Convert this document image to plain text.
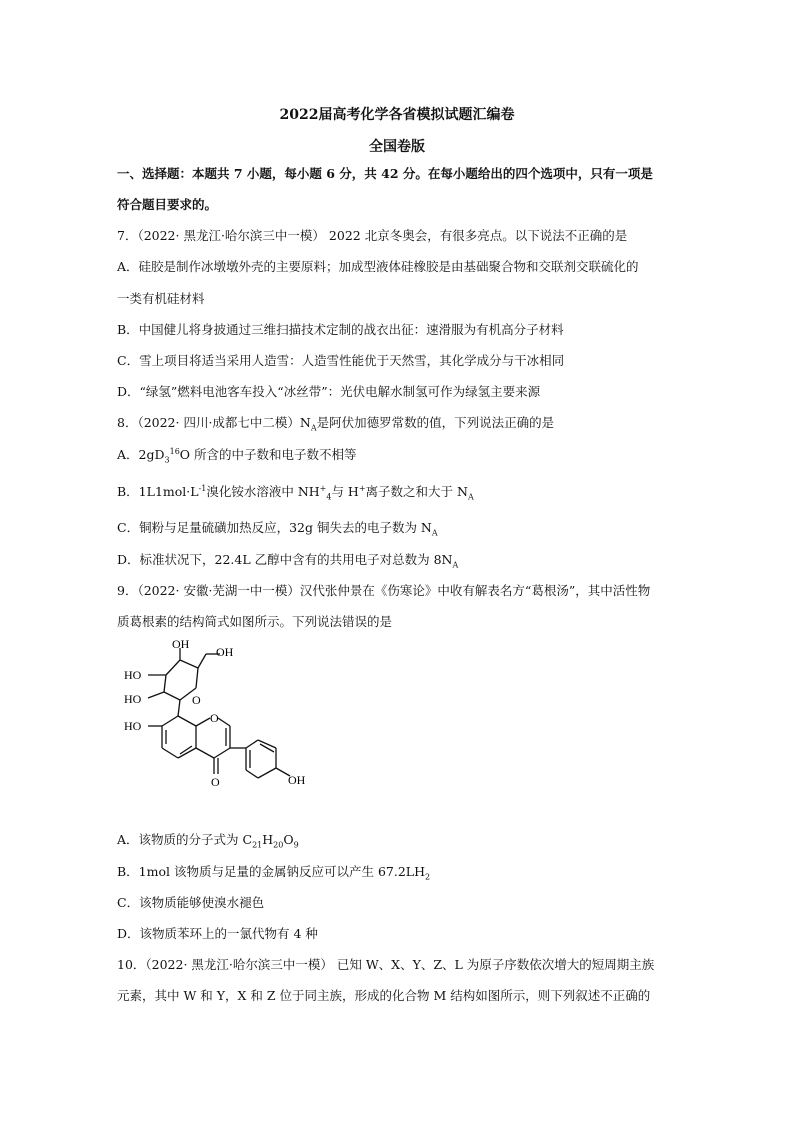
2022届高考化学各省模拟试题汇编卷
全国卷版
一、选择题：本题共 7 小题，每小题 6 分，共 42 分。在每小题给出的四个选项中，只有一项是
符合题目要求的。
7．（2022· 黑龙江·哈尔滨三中一模） 2022 北京冬奥会，有很多亮点。以下说法不正确的是
A．硅胶是制作冰墩墩外壳的主要原料；加成型液体硅橡胶是由基础聚合物和交联剂交联硫化的
一类有机硅材料
B．中国健儿将身披通过三维扫描技术定制的战衣出征：速滑服为有机高分子材料
C．雪上项目将适当采用人造雪：人造雪性能优于天然雪，其化学成分与干冰相同
D．“绿氢”燃料电池客车投入“冰丝带”：光伏电解水制氢可作为绿氢主要来源
8．（2022· 四川·成都七中二模）$N_A$是阿伏加德罗常数的值，下列说法正确的是
A．$2gD_3^{16}O$ 所含的中子数和电子数不相等
B．$1L1mol\cdot L^{-1}$溴化铵水溶液中 $NH^+_4$与 H+离子数之和大于 $N_A$
C．铜粉与足量硫磺加热反应，32g 铜失去的电子数为 $N_A$
D．标准状况下，22.4L 乙醇中含有的共用电子对总数为 $8N_A$
9．（2022· 安徽·芜湖一中一模）汉代张仲景在《伤寒论》中收有解表名方“葛根汤”，其中活性物
质葛根素的结构简式如图所示。下列说法错误的是
OH
OH
HO
HO	O
HO
O
O	OH
A．该物质的分子式为 $C_{21}H_{20}O_9$
B．1mol 该物质与足量的金属钠反应可以产生 $67.2LH_2$
C．该物质能够使溴水褪色
D．该物质苯环上的一氯代物有 4 种
10．（2022· 黑龙江·哈尔滨三中一模） 已知 W、X、Y、Z、L 为原子序数依次增大的短周期主族
元素，其中 W 和 Y，X 和 Z 位于同主族，形成的化合物 M 结构如图所示，则下列叙述不正确的
